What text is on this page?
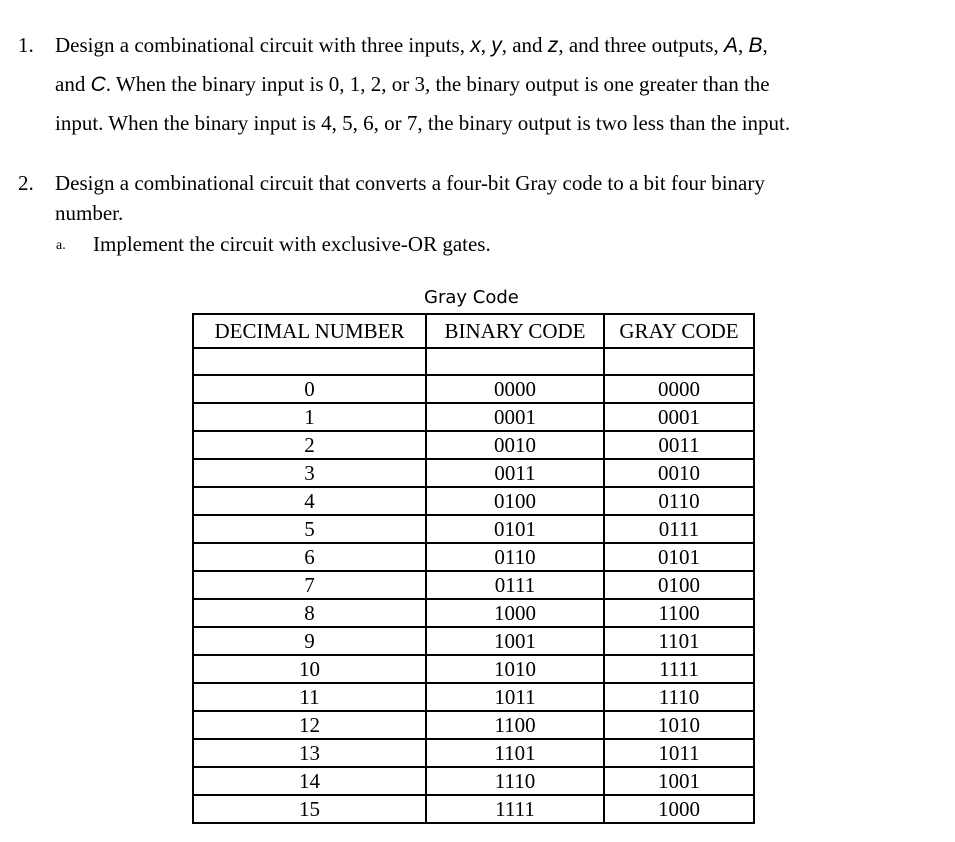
1. Design a combinational circuit with three inputs, x, y, and z, and three outputs, A, B,
and C. When the binary input is 0, 1, 2, or 3, the binary output is one greater than the
input. When the binary input is 4, 5, 6, or 7, the binary output is two less than the input.
2. Design a combinational circuit that converts a four-bit Gray code to a bit four binary
number.
a. Implement the circuit with exclusive-OR gates.
Gray Code
DECIMAL NUMBER	BINARY CODE	GRAY CODE

0	0000	0000
1	0001	0001
2	0010	0011
3	0011	0010
4	0100	0110
5	0101	0111
6	0110	0101
7	0111	0100
8	1000	1100
9	1001	1101
10	1010	1111
11	1011	1110
12	1100	1010
13	1101	1011
14	1110	1001
15	1111	1000
